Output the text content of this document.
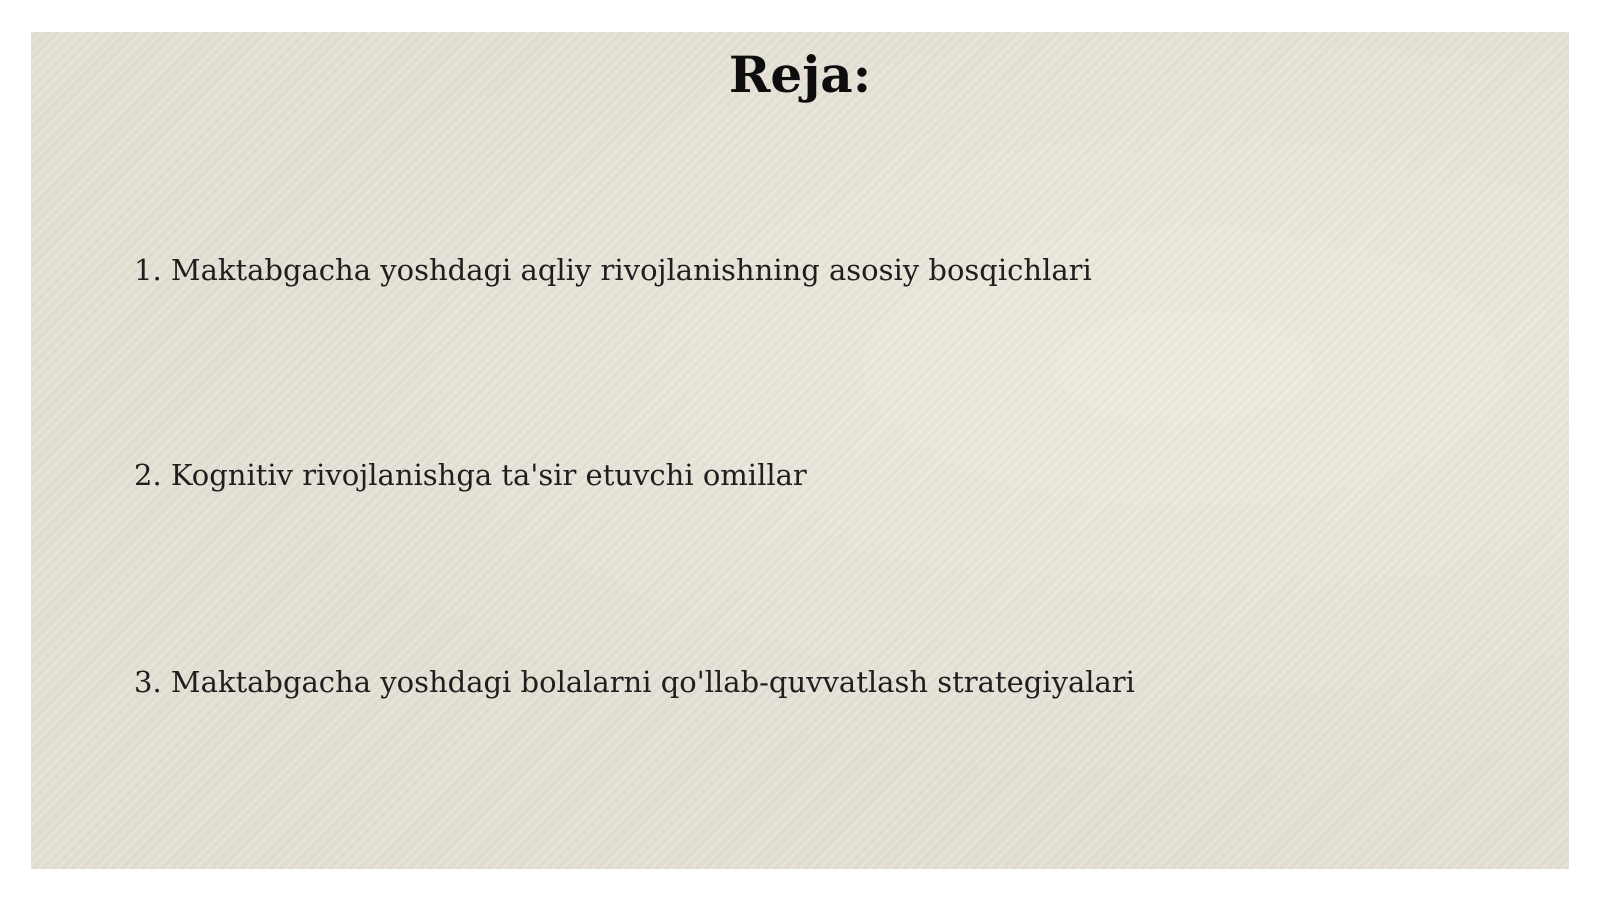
Reja:
1. Maktabgacha yoshdagi aqliy rivojlanishning asosiy bosqichlari
2. Kognitiv rivojlanishga ta'sir etuvchi omillar
3. Maktabgacha yoshdagi bolalarni qo'llab-quvvatlash strategiyalari
